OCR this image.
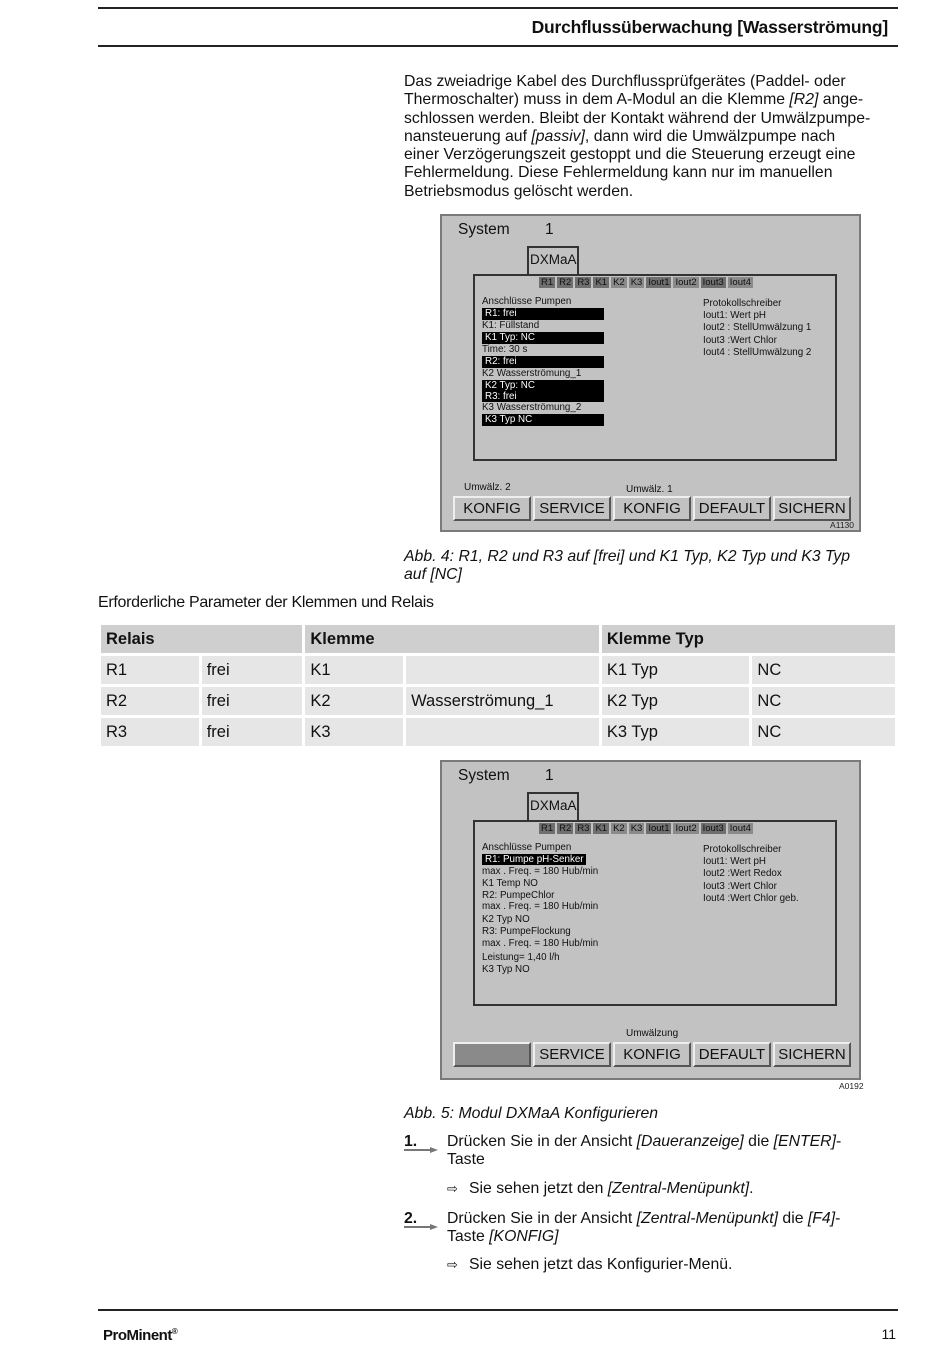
Durchflussüberwachung [Wasserströmung]
Das zweiadrige Kabel des Durchflussprüfgerätes (Paddel- oder
Thermoschalter) muss in dem A-Modul an die Klemme [R2] ange-
schlossen werden. Bleibt der Kontakt während der Umwälzpumpe-
nansteuerung auf [passiv], dann wird die Umwälzpumpe nach
einer Verzögerungszeit gestoppt und die Steuerung erzeugt eine
Fehlermeldung. Diese Fehlermeldung kann nur im manuellen
Betriebsmodus gelöscht werden.
System 1
DXMaA
R1 R2 R3 K1 K2 K3 Iout1 Iout2 Iout3 Iout4
Anschlüsse Pumpen
R1: frei
K1: Füllstand
K1 Typ: NC
Time: 30 s
R2: frei
K2 Wasserströmung_1
K2 Typ: NC
R3: frei
K3 Wasserströmung_2
K3 Typ NC
Protokollschreiber
Iout1: Wert pH
Iout2 : StellUmwälzung 1
Iout3 :Wert Chlor
Iout4 : StellUmwälzung 2
Umwälz. 2	Umwälz. 1
KONFIG	SERVICE	KONFIG	DEFAULT SICHERN
A1130
Abb. 4: R1, R2 und R3 auf [frei] und K1 Typ, K2 Typ und K3 Typ
auf [NC]
Erforderliche Parameter der Klemmen und Relais
Relais		Klemme		Klemme Typ	
R1	frei	K1		K1 Typ	NC
R2	frei	K2	Wasserströmung_1	K2 Typ	NC
R3	frei	K3		K3 Typ	NC
System 1
DXMaA
R1 R2 R3 K1 K2 K3 Iout1 Iout2 Iout3 Iout4
Anschlüsse Pumpen
R1: Pumpe pH-Senker
max . Freq. = 180 Hub/min
K1 Temp NO
R2: PumpeChlor
max . Freq. = 180 Hub/min
K2 Typ NO
R3: PumpeFlockung
max . Freq. = 180 Hub/min
Leistung= 1,40 l/h
K3 Typ NO
Protokollschreiber
Iout1: Wert pH
Iout2 :Wert Redox
Iout3 :Wert Chlor
Iout4 :Wert Chlor geb.
Umwälzung
SERVICE	KONFIG	DEFAULT SICHERN
A0192
Abb. 5: Modul DXMaA Konfigurieren
1.	Drücken Sie in der Ansicht [Daueranzeige] die [ENTER]-
Taste
⇨ Sie sehen jetzt den [Zentral-Menüpunkt].
2.	Drücken Sie in der Ansicht [Zentral-Menüpunkt] die [F4]-
Taste [KONFIG]
⇨ Sie sehen jetzt das Konfigurier-Menü.
ProMinent®	11
